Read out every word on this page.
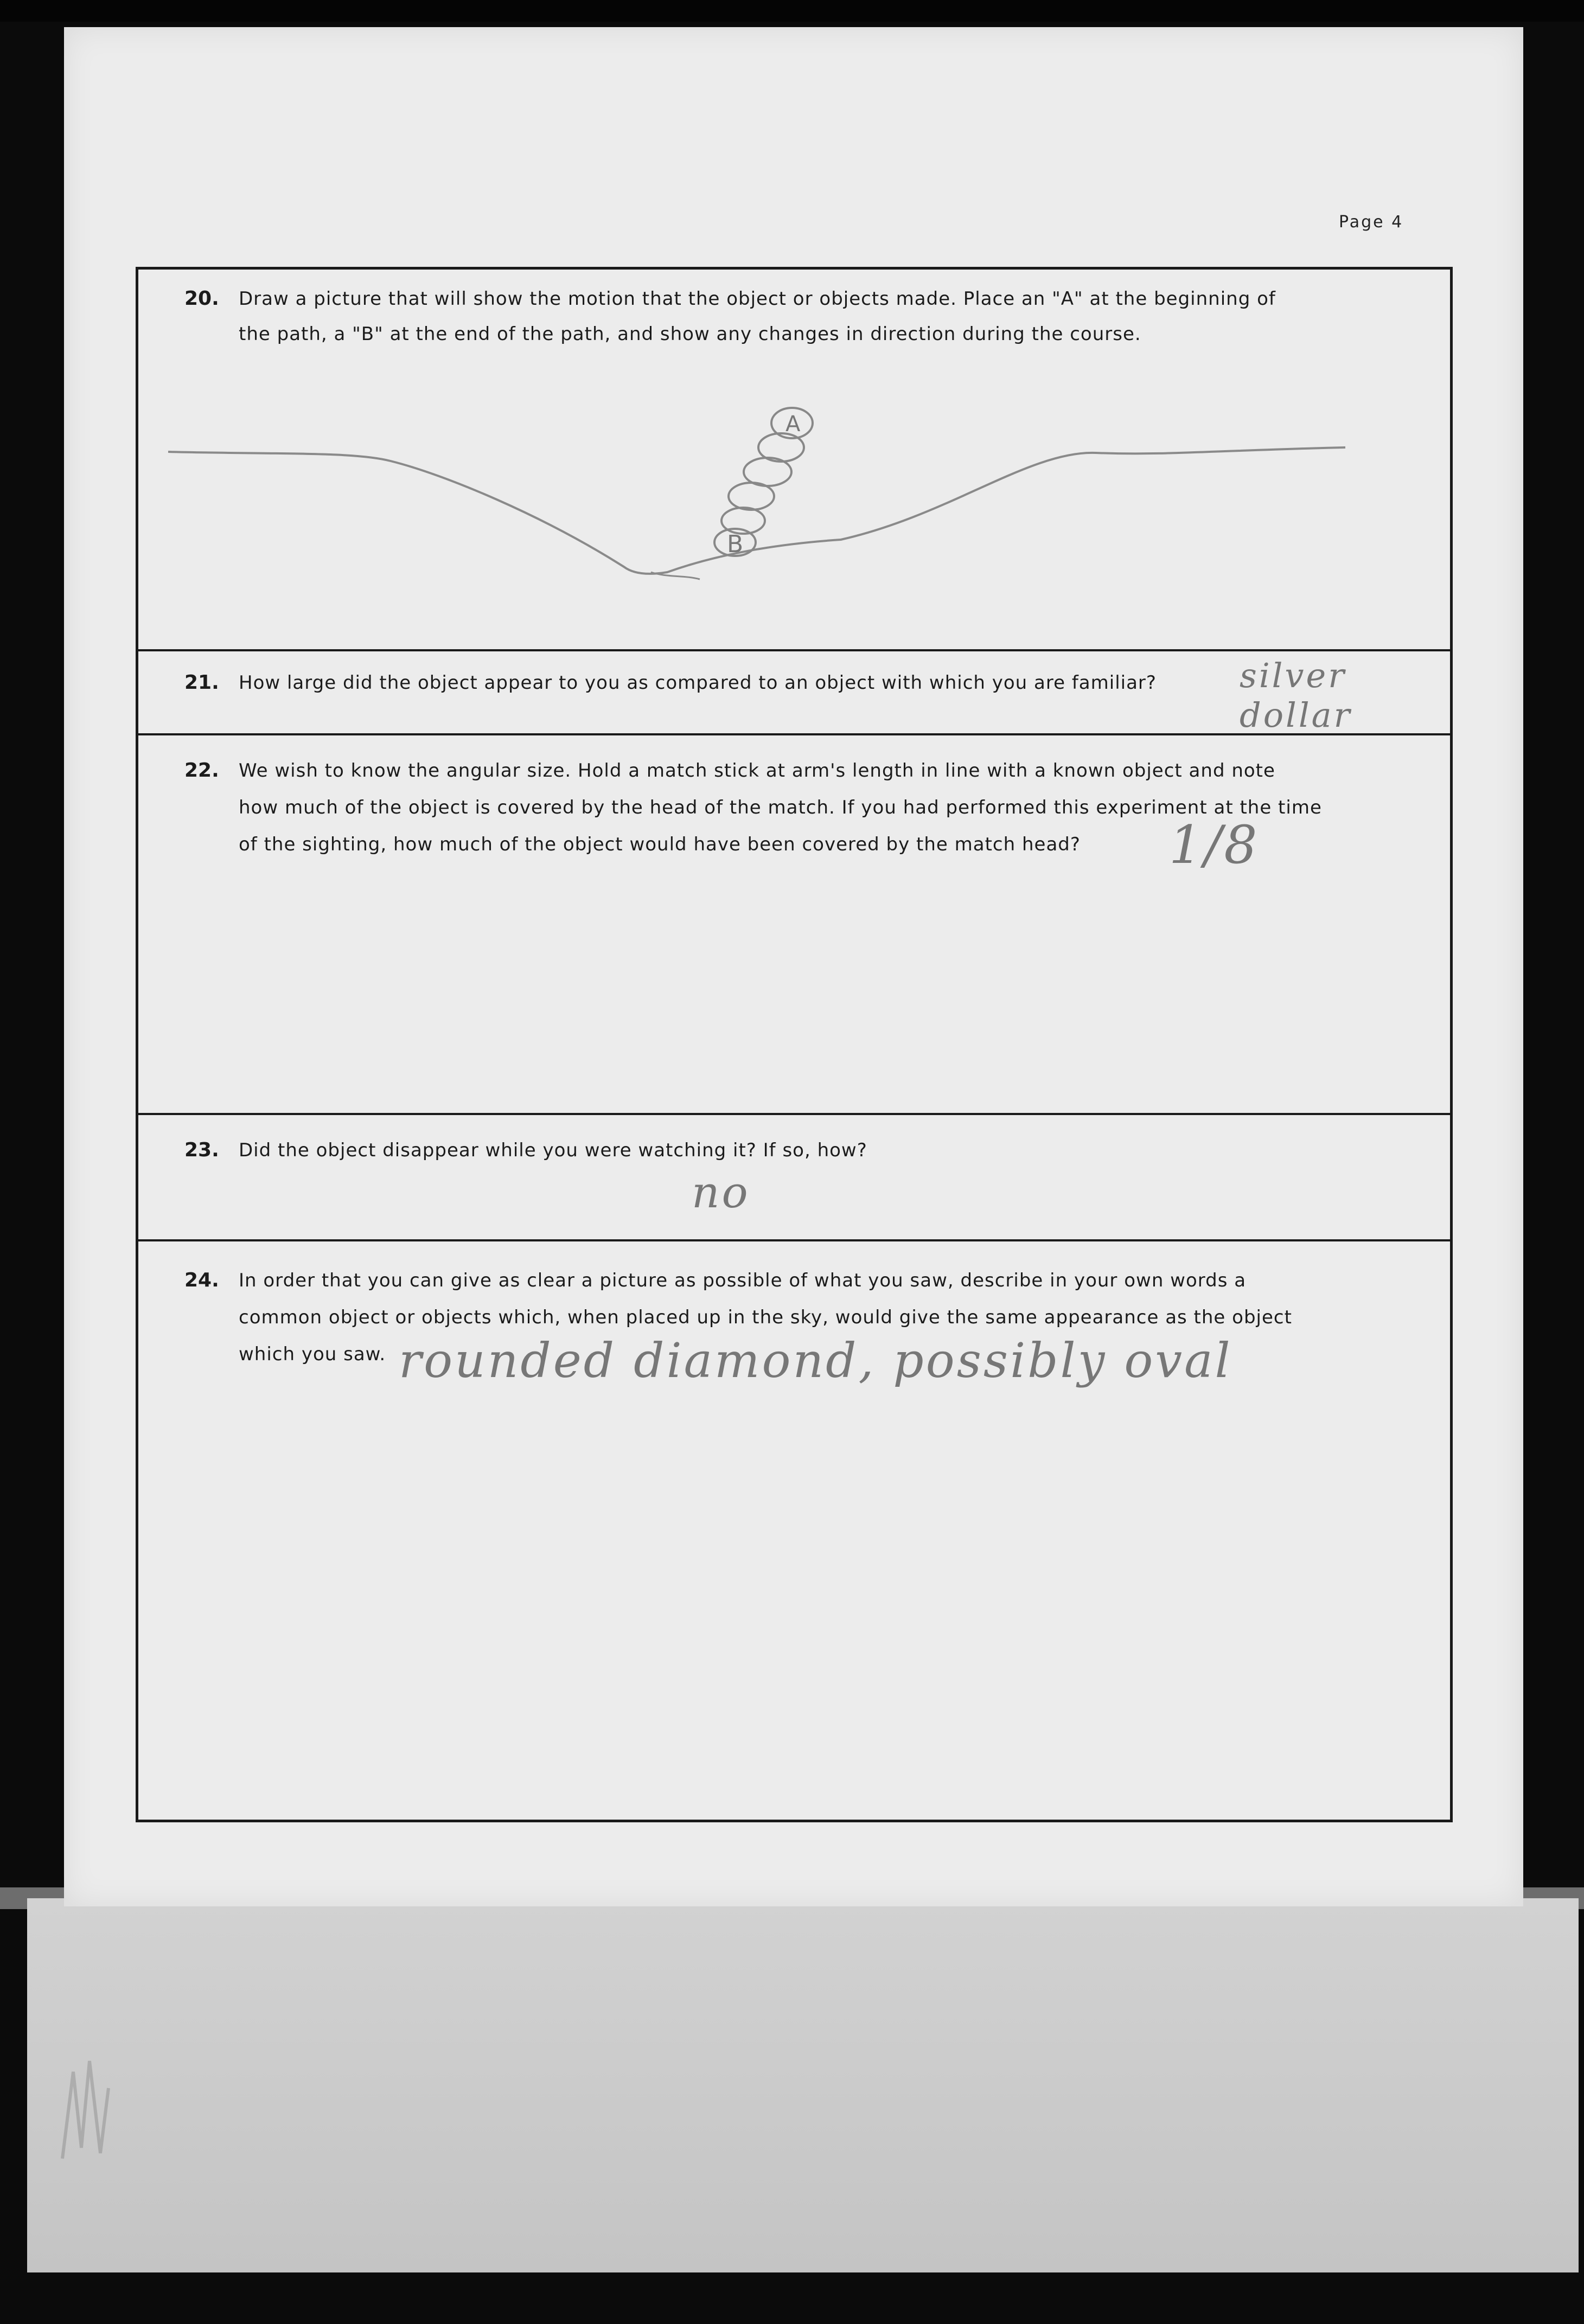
Page 4
20. Draw a picture that will show the motion that the object or objects made. Place an "A" at the beginning of
the path, a "B" at the end of the path, and show any changes in direction during the course.
21. How large did the object appear to you as compared to an object with which you are familiar? silver dollar
22. We wish to know the angular size. Hold a match stick at arm's length in line with a known object and note
how much of the object is covered by the head of the match. If you had performed this experiment at the time
of the sighting, how much of the object would have been covered by the match head? 1/8
23. Did the object disappear while you were watching it? If so, how?
no
24. In order that you can give as clear a picture as possible of what you saw, describe in your own words a
common object or objects which, when placed up in the sky, would give the same appearance as the object
which you saw. rounded diamond, possibly oval
A
B
